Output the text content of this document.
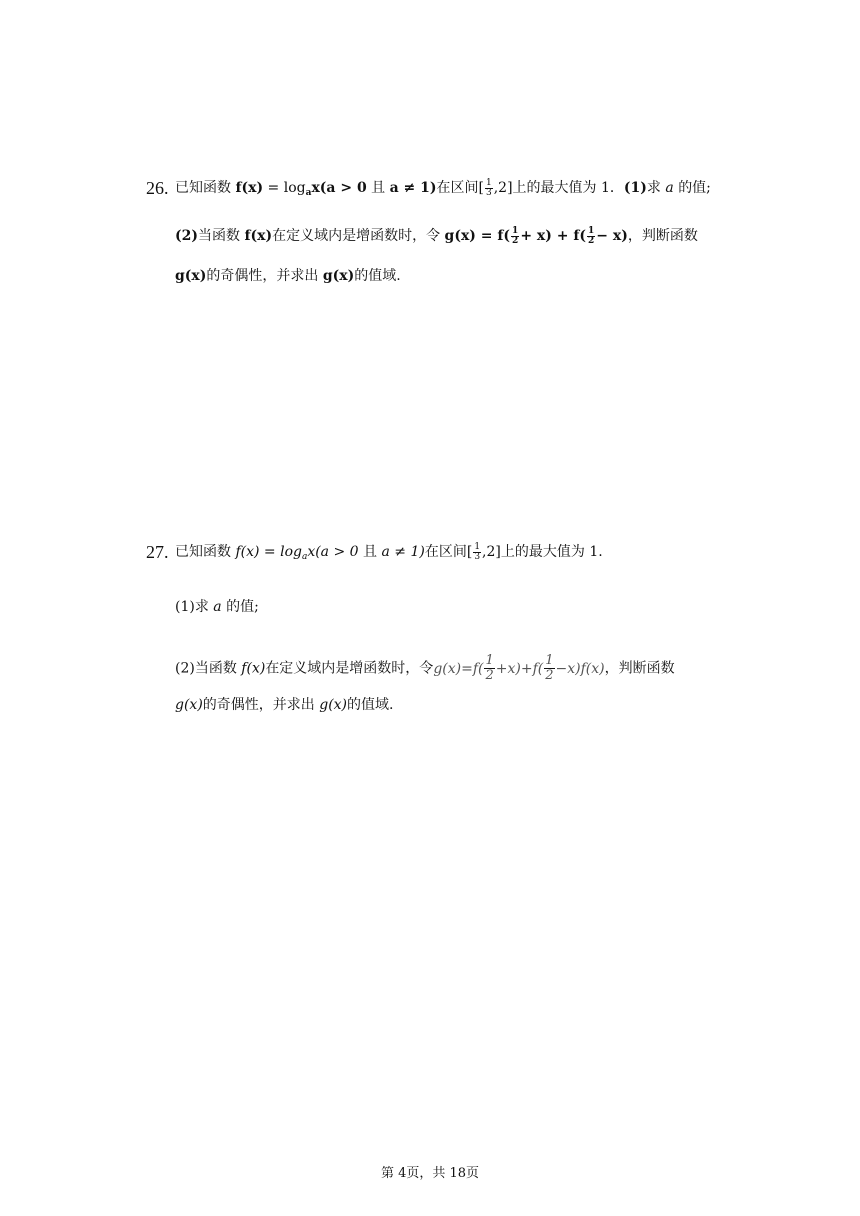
26. 已知函数 $f(x) = \log_ax(a > 0$ 且 a ≠ 1)在区间[ $\frac{1}{3} ,2$]上的最大值为 1．(1)求 a 的值;
(2)当函数 f(x)在定义域内是增函数时，令 $g(x) = f( \frac{1}{2} + x) + f( \frac{1}{2} - x)$，判断函数
g(x)的奇偶性，并求出 g(x)的值域.
27. 已知函数 $f(x) = \log_ax(a > 0$ 且 a ≠ 1)在区间[ $\frac{1}{3} ,2$]上的最大值为 1.
(1)求 a 的值;
(2)当函数 f(x)在定义域内是增函数时，令$g(x)=f( \frac{1}{2} +x)+f( \frac{1}{2} -x)f(x)$，判断函数
g(x)的奇偶性，并求出 g(x)的值域.
第 4页，共 18页
